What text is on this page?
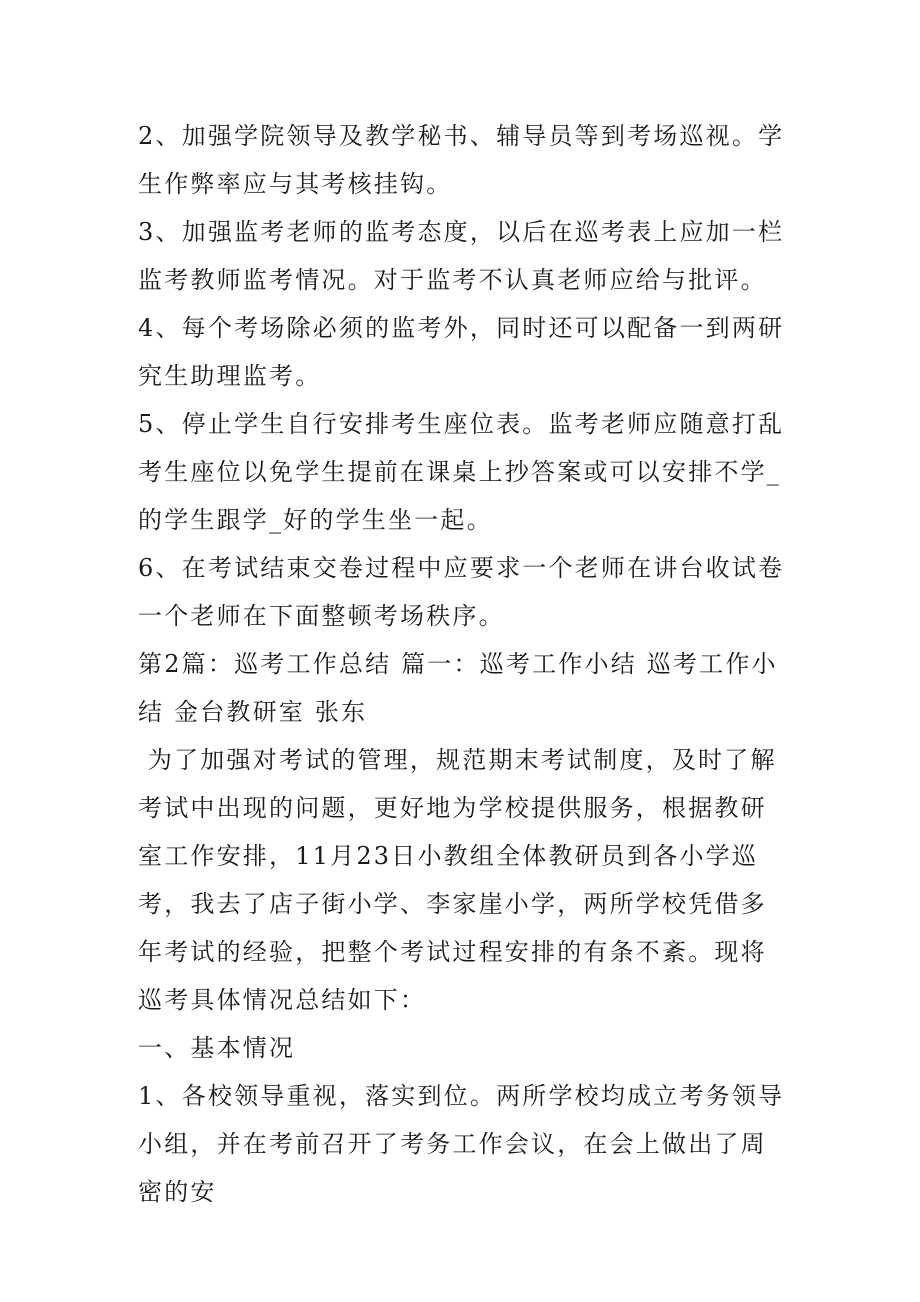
2、加强学院领导及教学秘书、辅导员等到考场巡视。学生作弊率应与其考核挂钩。

3、加强监考老师的监考态度，以后在巡考表上应加一栏监考教师监考情况。对于监考不认真老师应给与批评。

4、每个考场除必须的监考外，同时还可以配备一到两研究生助理监考。

5、停止学生自行安排考生座位表。监考老师应随意打乱考生座位以免学生提前在课桌上抄答案或可以安排不学_的学生跟学_好的学生坐一起。

6、在考试结束交卷过程中应要求一个老师在讲台收试卷一个老师在下面整顿考场秩序。

第2篇：巡考工作总结 篇一：巡考工作小结 巡考工作小结 金台教研室 张东

为了加强对考试的管理，规范期末考试制度，及时了解考试中出现的问题，更好地为学校提供服务，根据教研室工作安排，11月23日小教组全体教研员到各小学巡考，我去了店子街小学、李家崖小学，两所学校凭借多年考试的经验，把整个考试过程安排的有条不紊。现将巡考具体情况总结如下：

一、基本情况

1、各校领导重视，落实到位。两所学校均成立考务领导小组，并在考前召开了考务工作会议，在会上做出了周密的安
